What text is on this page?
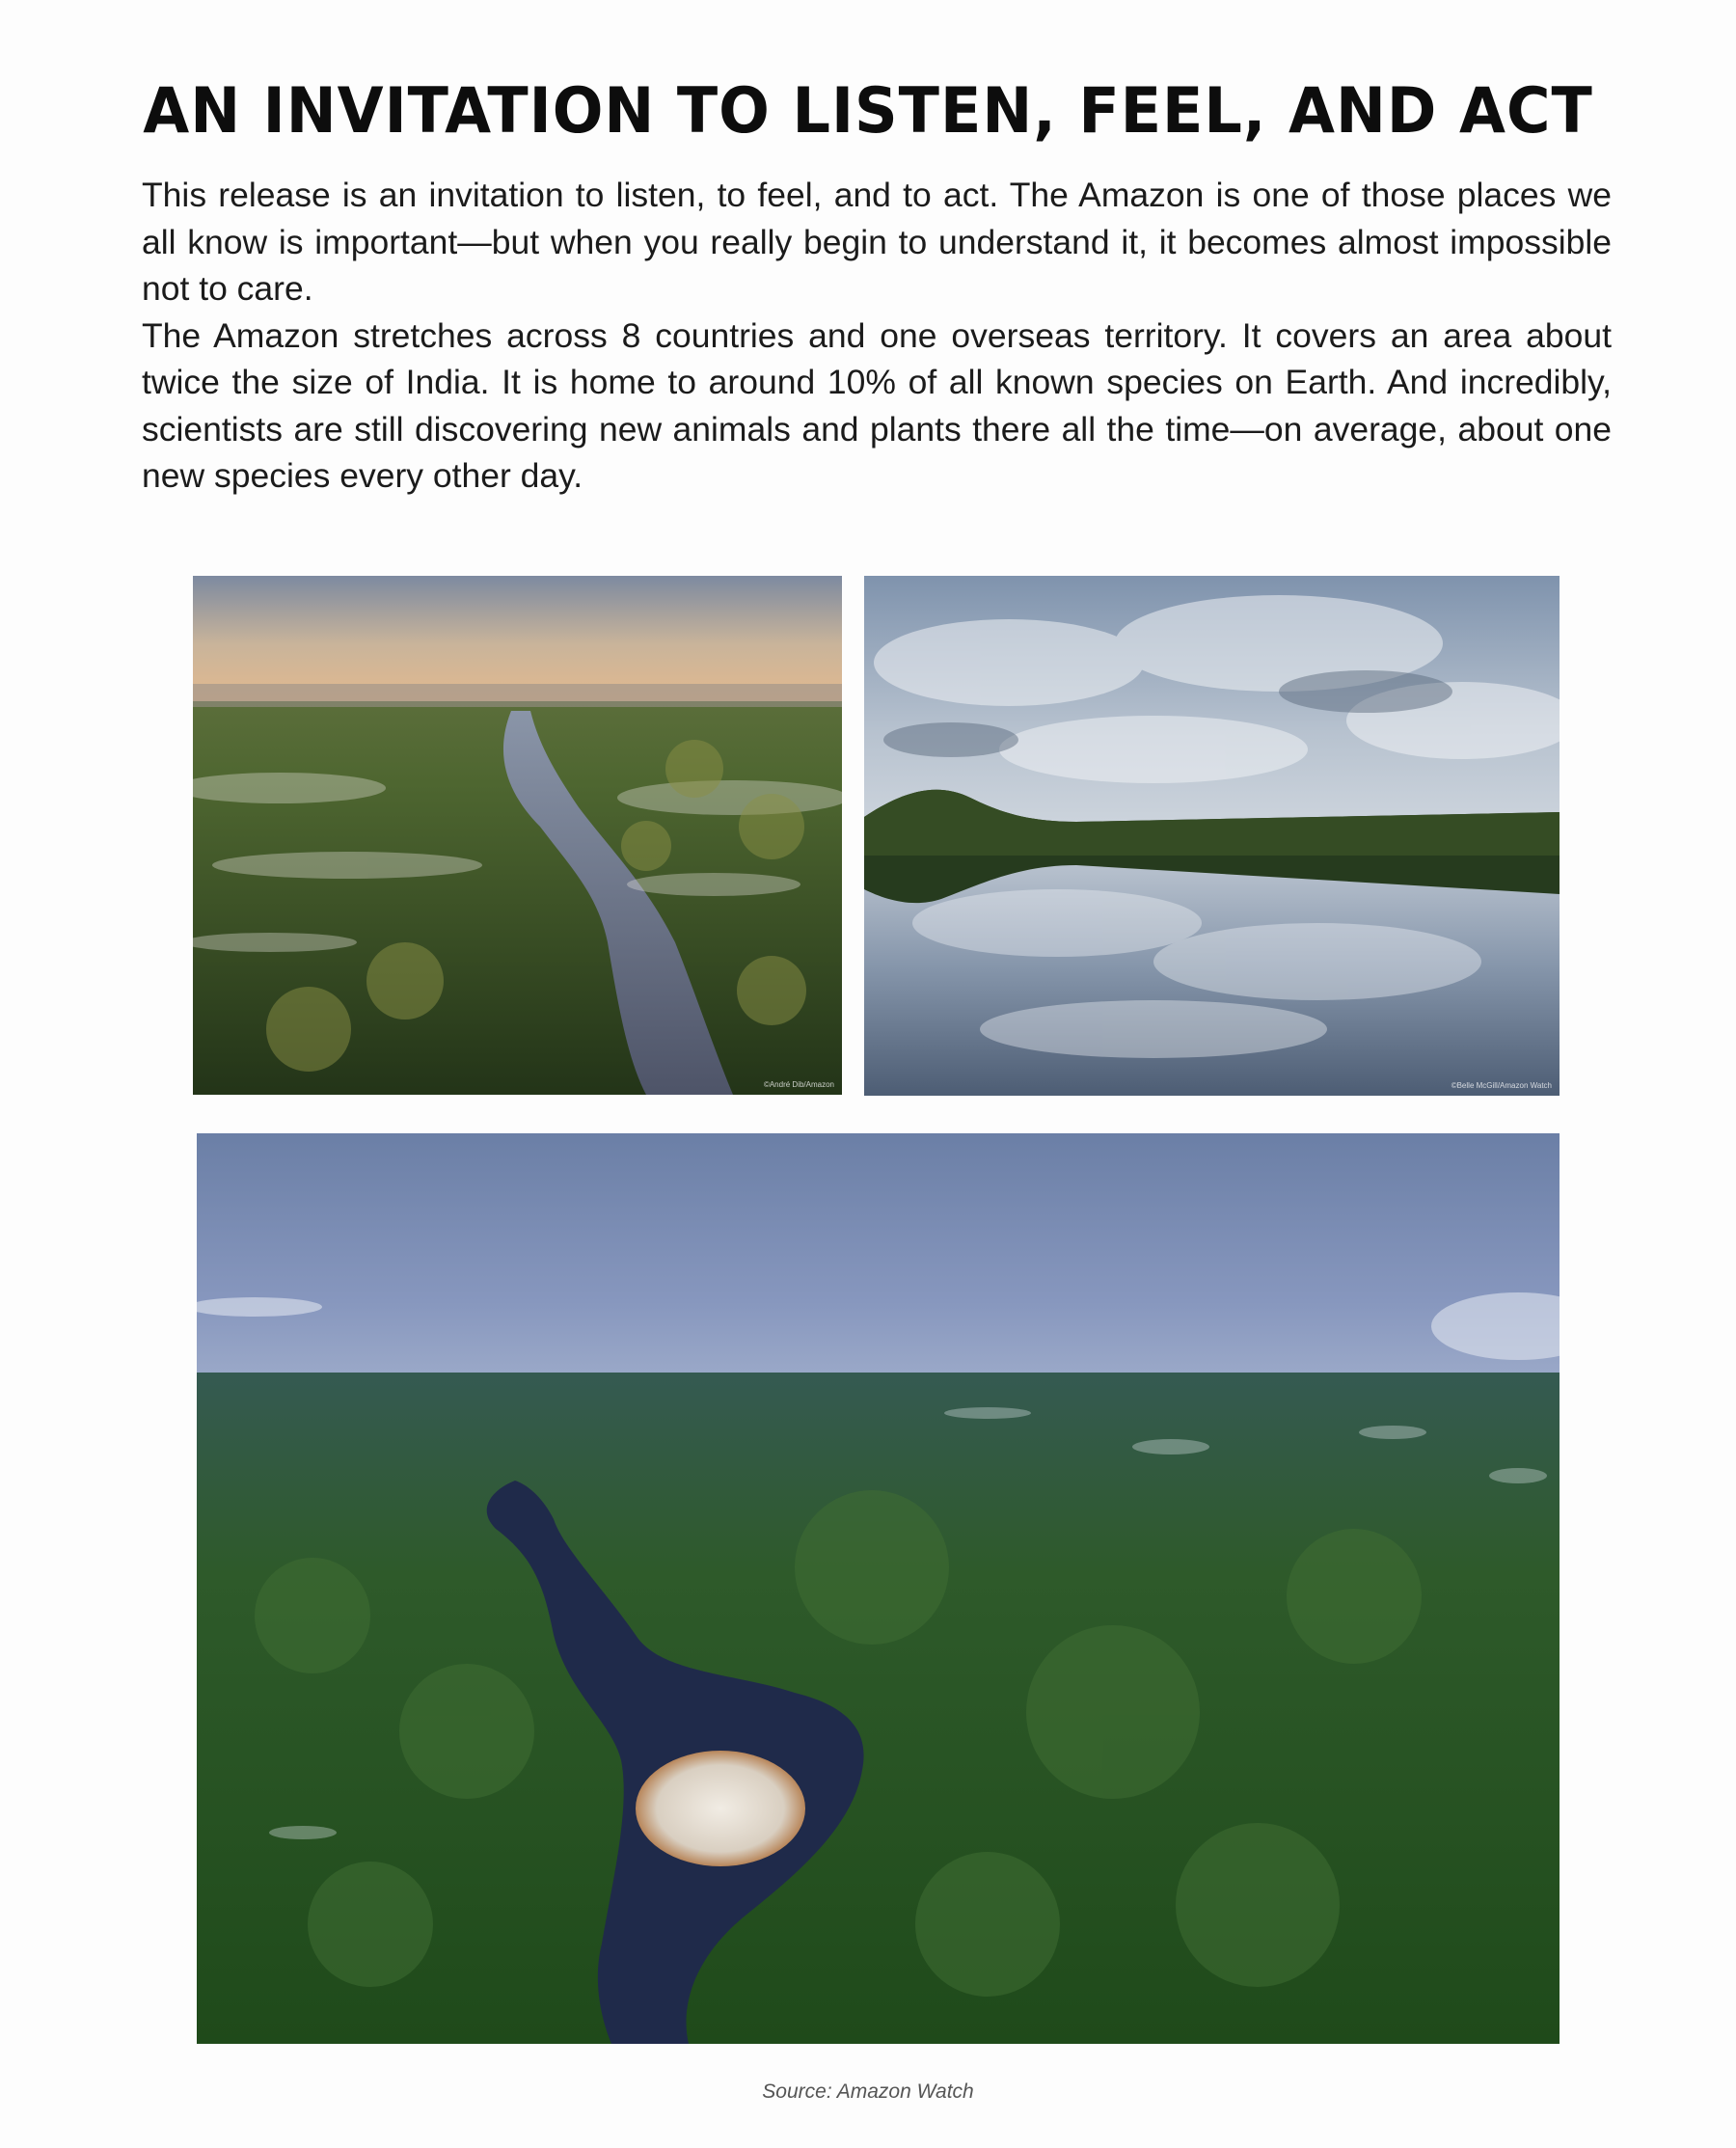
AN INVITATION TO LISTEN, FEEL, AND ACT

This release is an invitation to listen, to feel, and to act. The Amazon is one of those places we all know is important—but when you really begin to understand it, it becomes almost impossible not to care.

The Amazon stretches across 8 countries and one overseas territory. It covers an area about twice the size of India. It is home to around 10% of all known species on Earth. And incredibly, scientists are still discovering new animals and plants there all the time—on average, about one new species every other day.

©André Dib/Amazon	©Belle McGill/Amazon Watch
Source: Amazon Watch
